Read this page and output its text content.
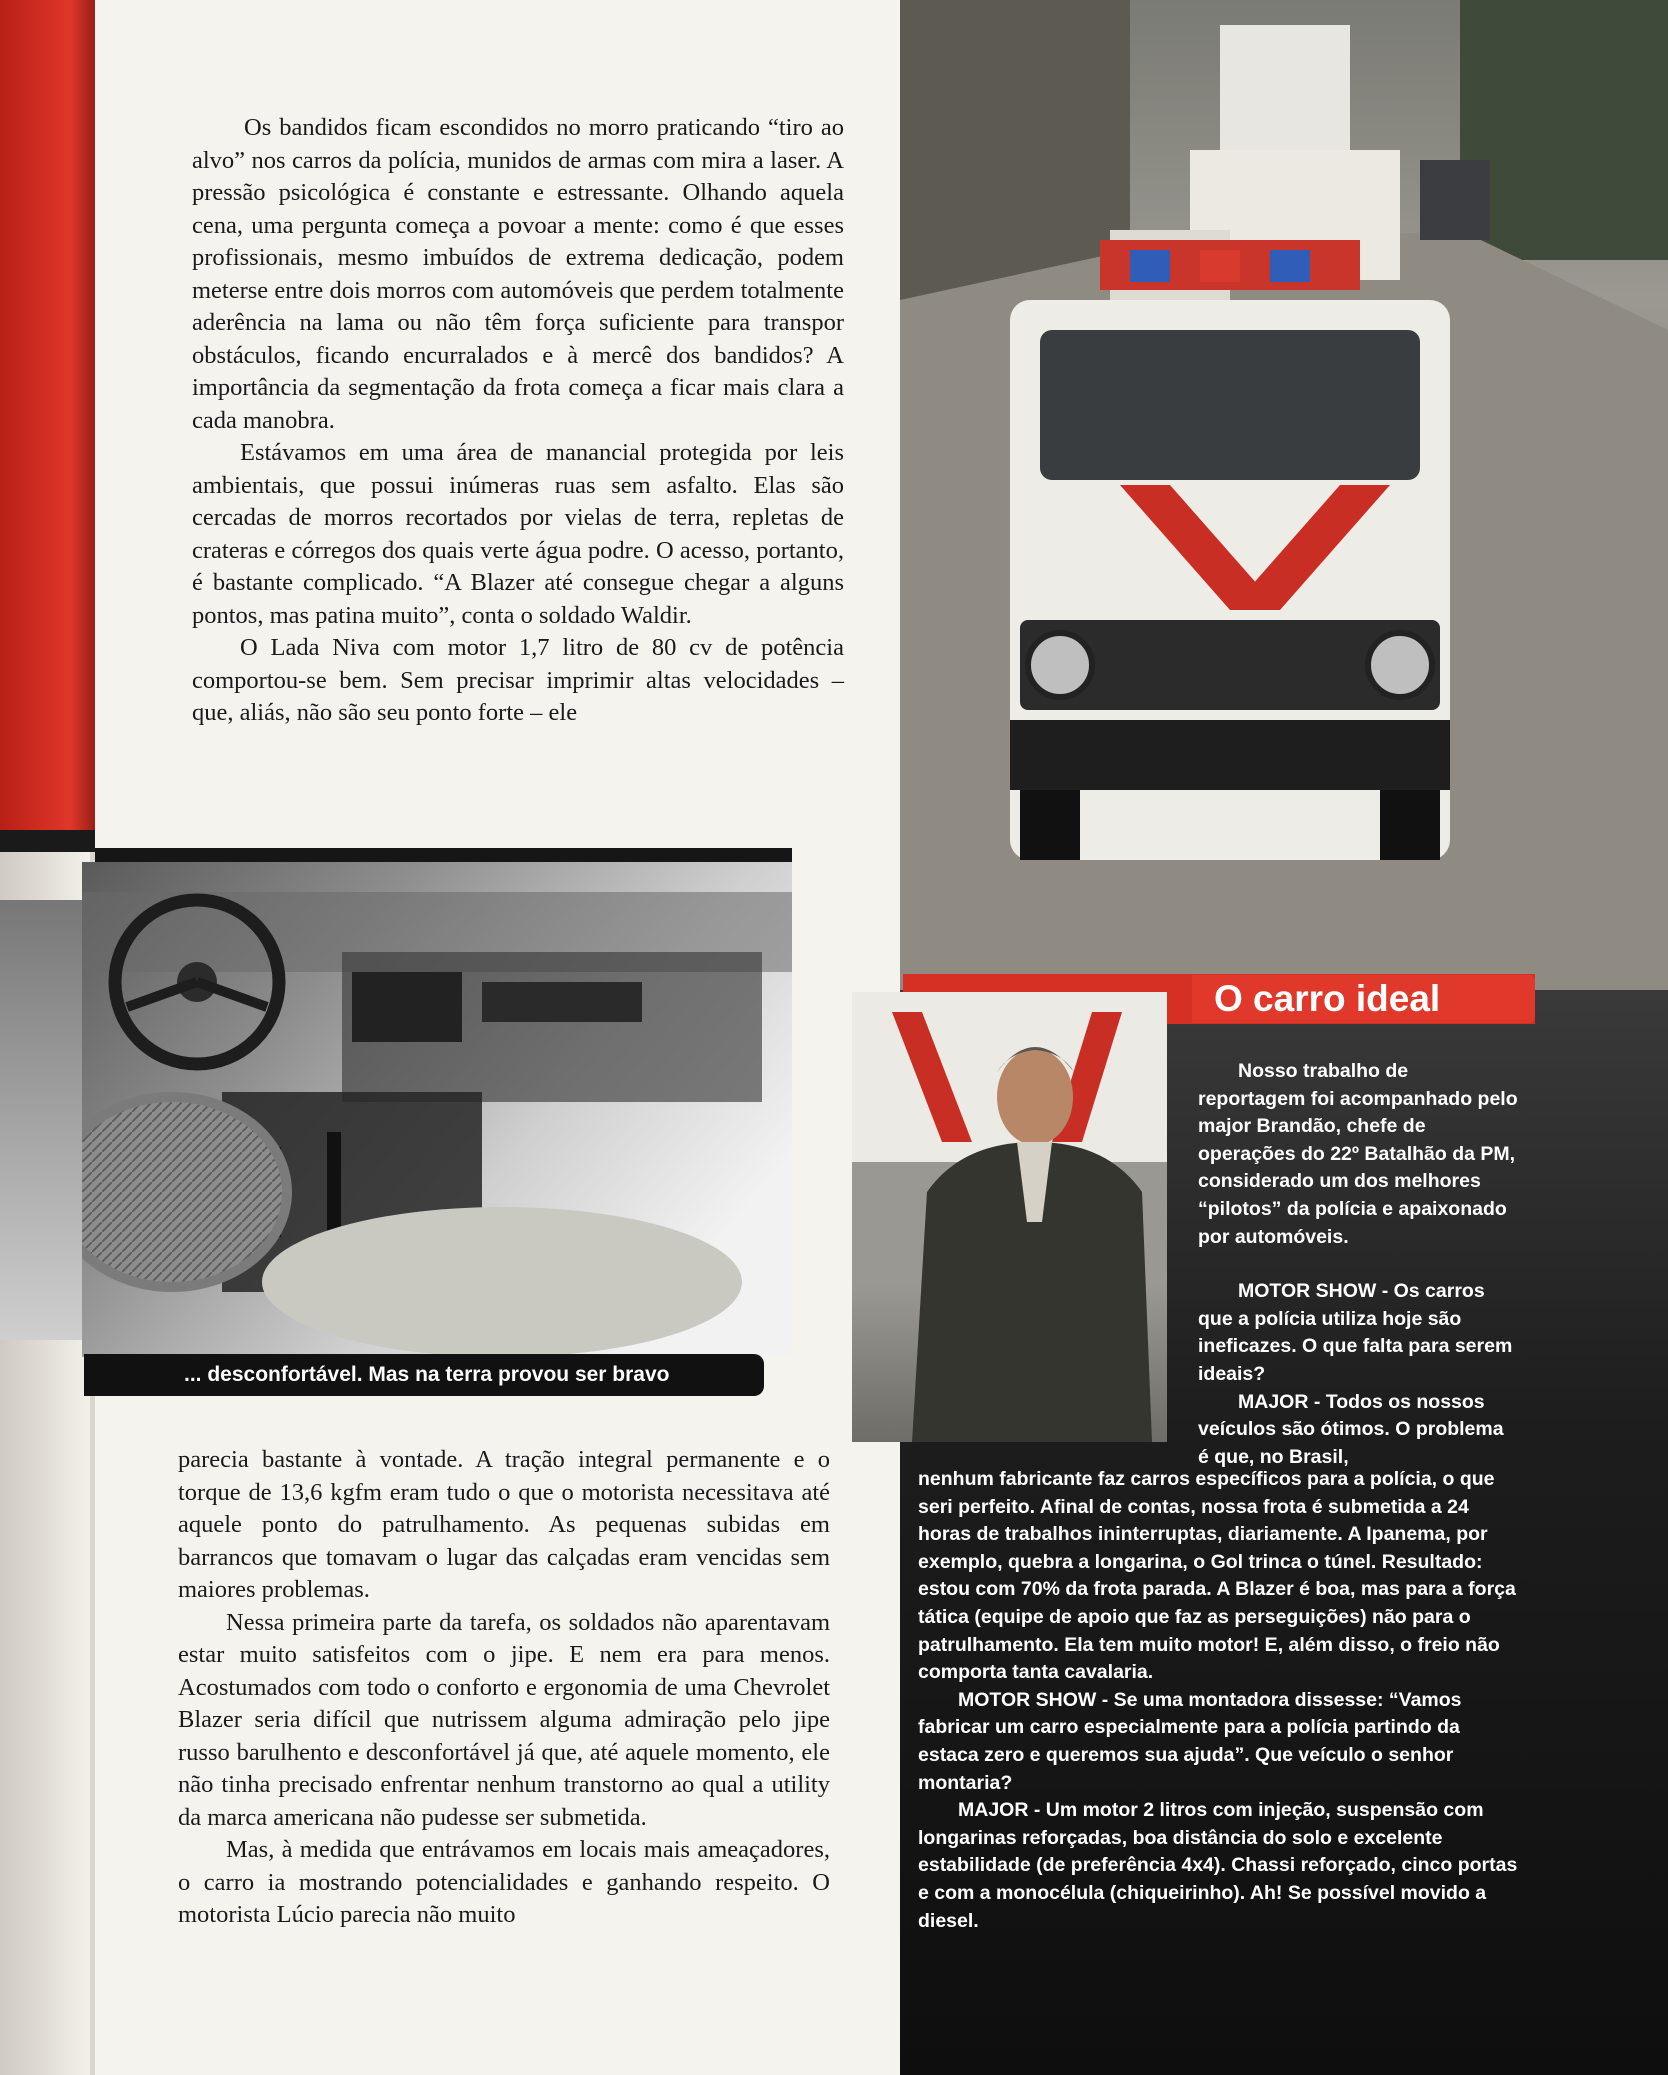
Os bandidos ficam escondidos no morro praticando “tiro ao alvo” nos carros da polícia, munidos de armas com mira a laser. A pressão psicológica é constante e estressante. Olhando aquela cena, uma pergunta começa a povoar a mente: como é que esses profissionais, mesmo imbuídos de extrema dedicação, podem meterse entre dois morros com automóveis que perdem totalmente aderência na lama ou não têm força suficiente para transpor obstáculos, ficando encurralados e à mercê dos bandidos? A importância da segmentação da frota começa a ficar mais clara a cada manobra.

Estávamos em uma área de manancial protegida por leis ambientais, que possui inúmeras ruas sem asfalto. Elas são cercadas de morros recortados por vielas de terra, repletas de crateras e córregos dos quais verte água podre. O acesso, portanto, é bastante complicado. “A Blazer até consegue chegar a alguns pontos, mas patina muito”, conta o soldado Waldir.

O Lada Niva com motor 1,7 litro de 80 cv de potência comportou-se bem. Sem precisar imprimir altas velocidades – que, aliás, não são seu ponto forte – ele

... desconfortável. Mas na terra provou ser bravo

parecia bastante à vontade. A tração integral permanente e o torque de 13,6 kgfm eram tudo o que o motorista necessitava até aquele ponto do patrulhamento. As pequenas subidas em barrancos que tomavam o lugar das calçadas eram vencidas sem maiores problemas.

Nessa primeira parte da tarefa, os soldados não aparentavam estar muito satisfeitos com o jipe. E nem era para menos. Acostumados com todo o conforto e ergonomia de uma Chevrolet Blazer seria difícil que nutrissem alguma admiração pelo jipe russo barulhento e desconfortável já que, até aquele momento, ele não tinha precisado enfrentar nenhum transtorno ao qual a utility da marca americana não pudesse ser submetida.

Mas, à medida que entrávamos em locais mais ameaçadores, o carro ia mostrando potencialidades e ganhando respeito. O motorista Lúcio parecia não muito

O carro ideal

Nosso trabalho de reportagem foi acompanhado pelo major Brandão, chefe de operações do 22º Batalhão da PM, considerado um dos melhores “pilotos” da polícia e apaixonado por automóveis.

MOTOR SHOW - Os carros que a polícia utiliza hoje são ineficazes. O que falta para serem ideais?

MAJOR - Todos os nossos veículos são ótimos. O problema é que, no Brasil,

nenhum fabricante faz carros específicos para a polícia, o que seri perfeito. Afinal de contas, nossa frota é submetida a 24 horas de trabalhos ininterruptas, diariamente. A Ipanema, por exemplo, quebra a longarina, o Gol trinca o túnel. Resultado: estou com 70% da frota parada. A Blazer é boa, mas para a força tática (equipe de apoio que faz as perseguições) não para o patrulhamento. Ela tem muito motor! E, além disso, o freio não comporta tanta cavalaria.

MOTOR SHOW - Se uma montadora dissesse: “Vamos fabricar um carro especialmente para a polícia partindo da estaca zero e queremos sua ajuda”. Que veículo o senhor montaria?

MAJOR - Um motor 2 litros com injeção, suspensão com longarinas reforçadas, boa distância do solo e excelente estabilidade (de preferência 4x4). Chassi reforçado, cinco portas e com a monocélula (chiqueirinho). Ah! Se possível movido a diesel.
